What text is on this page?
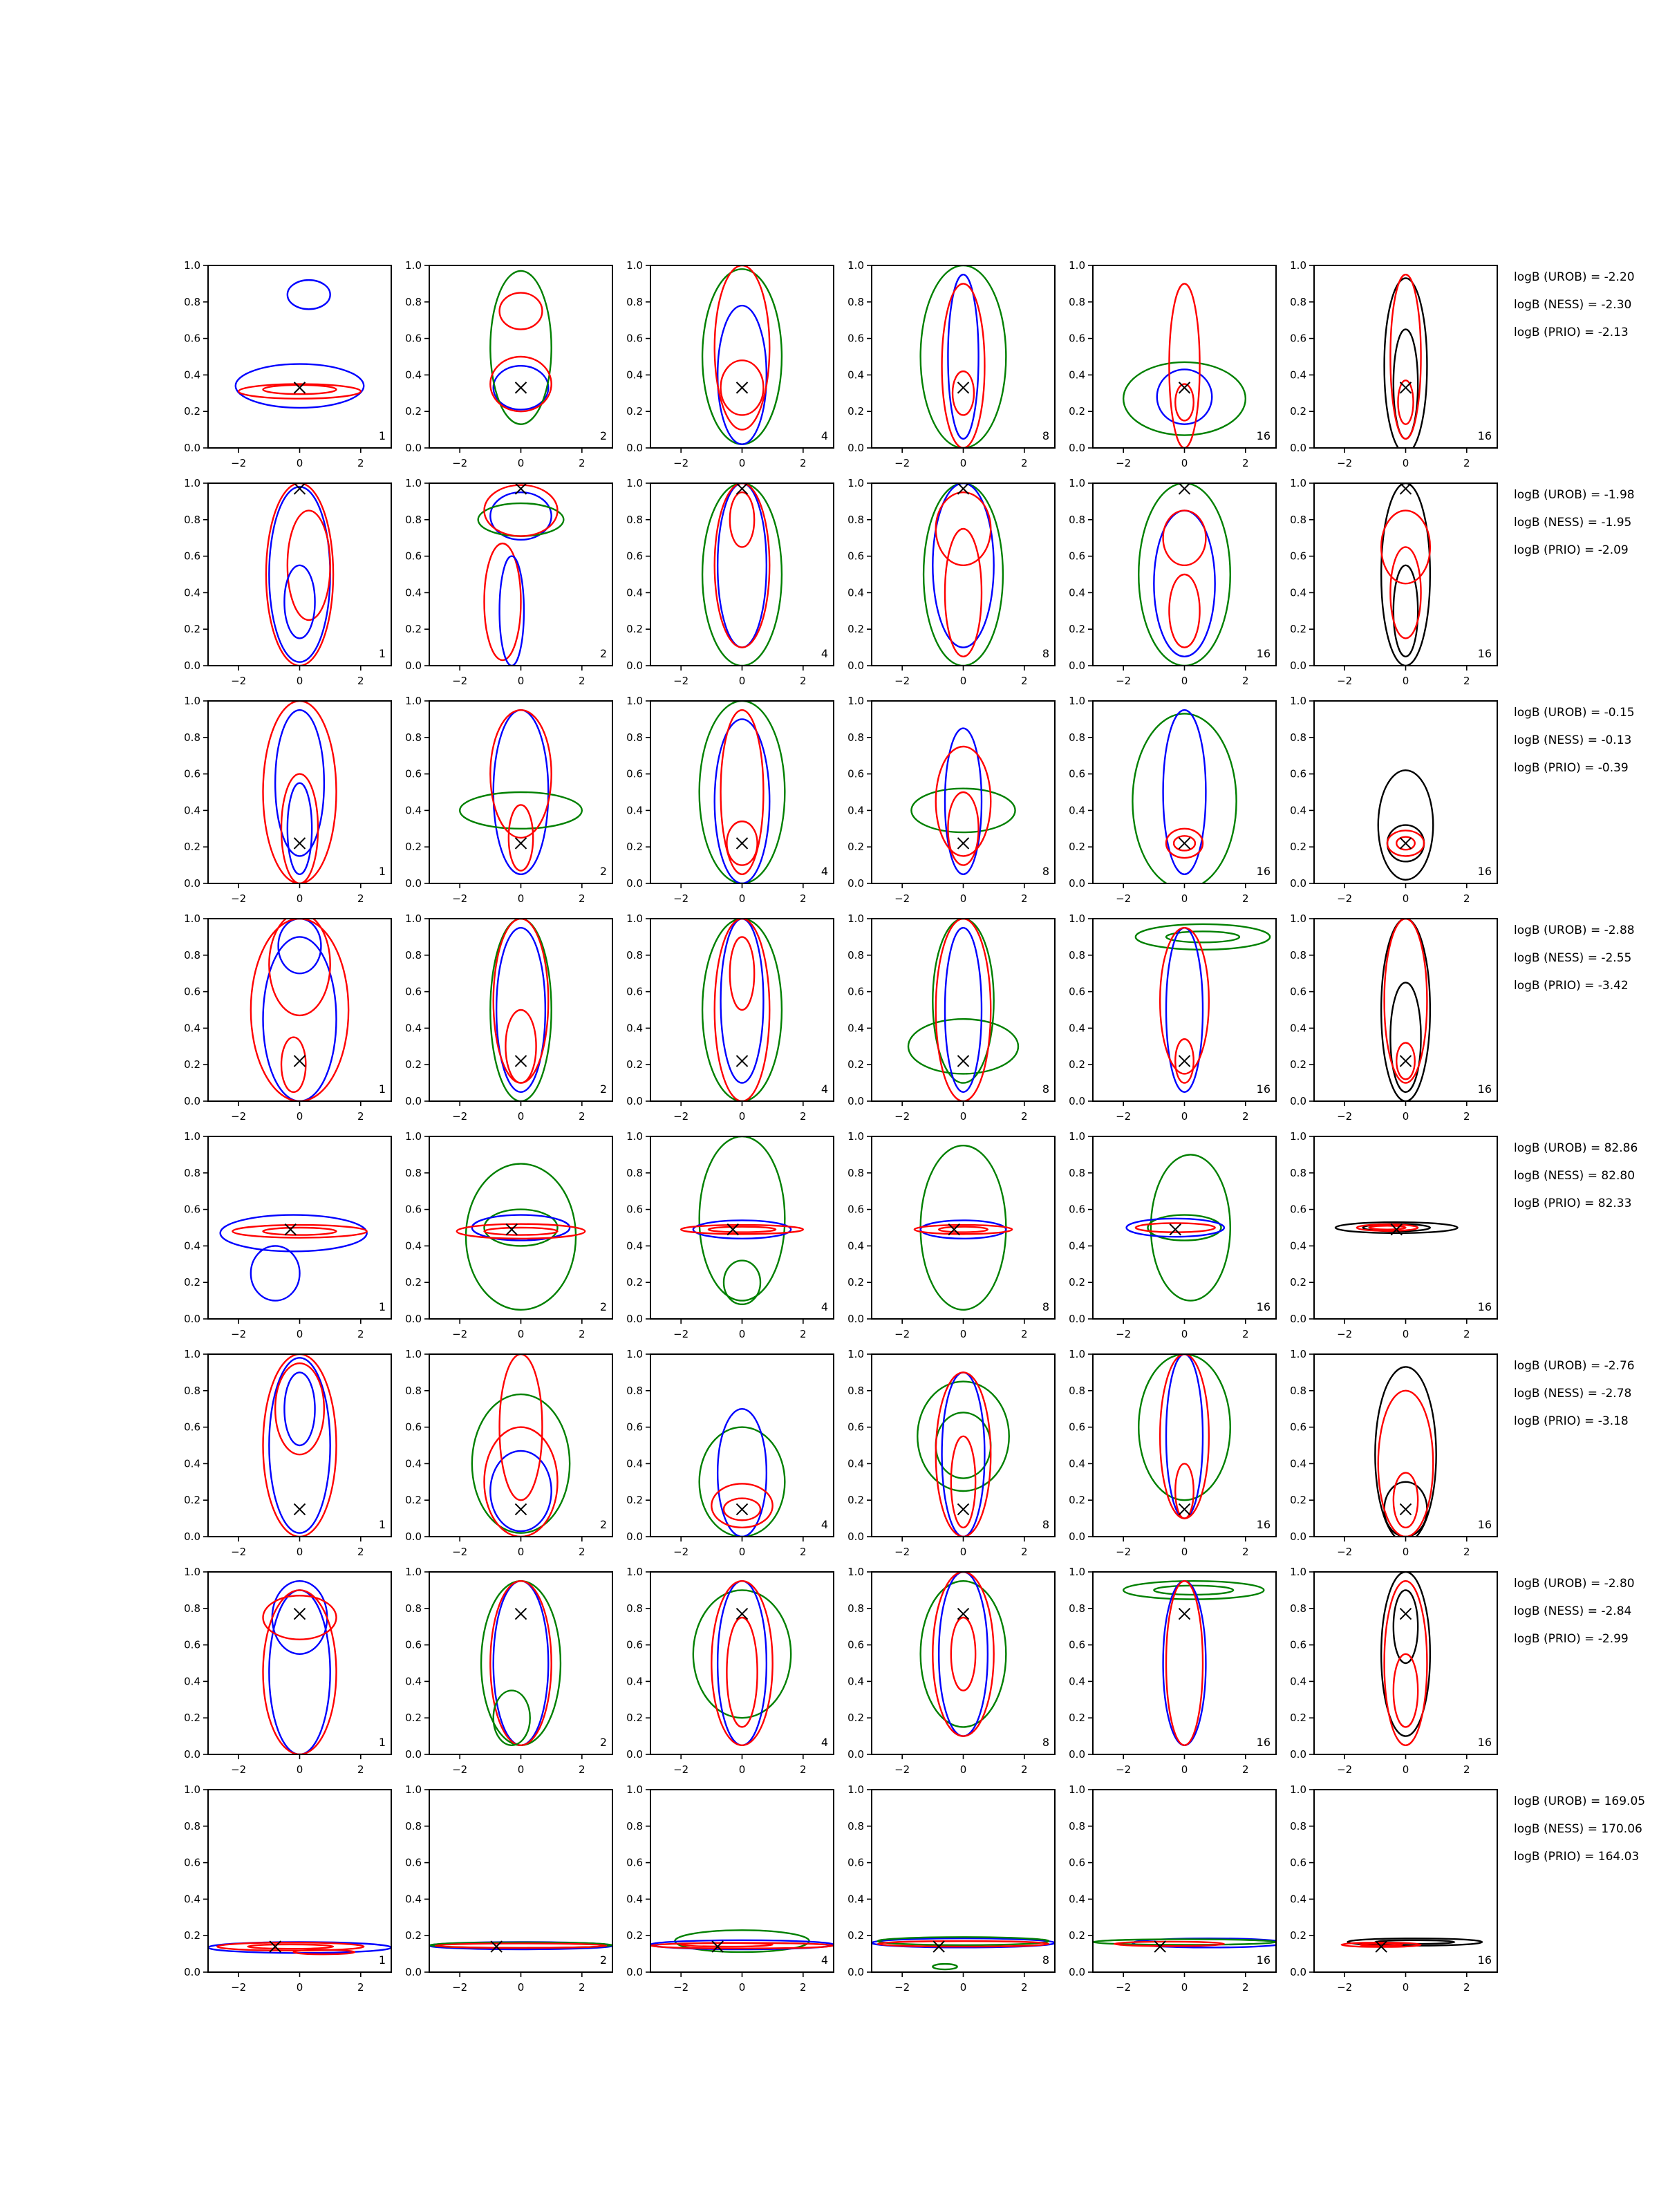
−2	0	2
0.0
0.2
0.4
0.6
0.8
1.0
1
−2	0	2
0.0
0.2
0.4
0.6
0.8
1.0
2
−2	0	2
0.0
0.2
0.4
0.6
0.8
1.0
4
−2	0	2
0.0
0.2
0.4
0.6
0.8
1.0
8
−2	0	2
0.0
0.2
0.4
0.6
0.8
1.0
16
−2	0	2
0.0
0.2
0.4
0.6
0.8
1.0
16
logB (UROB) = -2.20
logB (NESS) = -2.30
logB (PRIO) = -2.13
−2	0	2
0.0
0.2
0.4
0.6
0.8
1.0
1
−2	0	2
0.0
0.2
0.4
0.6
0.8
1.0
2
−2	0	2
0.0
0.2
0.4
0.6
0.8
1.0
4
−2	0	2
0.0
0.2
0.4
0.6
0.8
1.0
8
−2	0	2
0.0
0.2
0.4
0.6
0.8
1.0
16
−2	0	2
0.0
0.2
0.4
0.6
0.8
1.0
16
logB (UROB) = -1.98
logB (NESS) = -1.95
logB (PRIO) = -2.09
−2	0	2
0.0
0.2
0.4
0.6
0.8
1.0
1
−2	0	2
0.0
0.2
0.4
0.6
0.8
1.0
2
−2	0	2
0.0
0.2
0.4
0.6
0.8
1.0
4
−2	0	2
0.0
0.2
0.4
0.6
0.8
1.0
8
−2	0	2
0.0
0.2
0.4
0.6
0.8
1.0
16
−2	0	2
0.0
0.2
0.4
0.6
0.8
1.0
16
logB (UROB) = -0.15
logB (NESS) = -0.13
logB (PRIO) = -0.39
−2	0	2
0.0
0.2
0.4
0.6
0.8
1.0
1
−2	0	2
0.0
0.2
0.4
0.6
0.8
1.0
2
−2	0	2
0.0
0.2
0.4
0.6
0.8
1.0
4
−2	0	2
0.0
0.2
0.4
0.6
0.8
1.0
8
−2	0	2
0.0
0.2
0.4
0.6
0.8
1.0
16
−2	0	2
0.0
0.2
0.4
0.6
0.8
1.0
16
logB (UROB) = -2.88
logB (NESS) = -2.55
logB (PRIO) = -3.42
−2	0	2
0.0
0.2
0.4
0.6
0.8
1.0
1
−2	0	2
0.0
0.2
0.4
0.6
0.8
1.0
2
−2	0	2
0.0
0.2
0.4
0.6
0.8
1.0
4
−2	0	2
0.0
0.2
0.4
0.6
0.8
1.0
8
−2	0	2
0.0
0.2
0.4
0.6
0.8
1.0
16
−2	0	2
0.0
0.2
0.4
0.6
0.8
1.0
16
logB (UROB) = 82.86
logB (NESS) = 82.80
logB (PRIO) = 82.33
−2	0	2
0.0
0.2
0.4
0.6
0.8
1.0
1
−2	0	2
0.0
0.2
0.4
0.6
0.8
1.0
2
−2	0	2
0.0
0.2
0.4
0.6
0.8
1.0
4
−2	0	2
0.0
0.2
0.4
0.6
0.8
1.0
8
−2	0	2
0.0
0.2
0.4
0.6
0.8
1.0
16
−2	0	2
0.0
0.2
0.4
0.6
0.8
1.0
16
logB (UROB) = -2.76
logB (NESS) = -2.78
logB (PRIO) = -3.18
−2	0	2
0.0
0.2
0.4
0.6
0.8
1.0
1
−2	0	2
0.0
0.2
0.4
0.6
0.8
1.0
2
−2	0	2
0.0
0.2
0.4
0.6
0.8
1.0
4
−2	0	2
0.0
0.2
0.4
0.6
0.8
1.0
8
−2	0	2
0.0
0.2
0.4
0.6
0.8
1.0
16
−2	0	2
0.0
0.2
0.4
0.6
0.8
1.0
16
logB (UROB) = -2.80
logB (NESS) = -2.84
logB (PRIO) = -2.99
−2	0	2
0.0
0.2
0.4
0.6
0.8
1.0
1
−2	0	2
0.0
0.2
0.4
0.6
0.8
1.0
2
−2	0	2
0.0
0.2
0.4
0.6
0.8
1.0
4
−2	0	2
0.0
0.2
0.4
0.6
0.8
1.0
8
−2	0	2
0.0
0.2
0.4
0.6
0.8
1.0
16
−2	0	2
0.0
0.2
0.4
0.6
0.8
1.0
16
logB (UROB) = 169.05
logB (NESS) = 170.06
logB (PRIO) = 164.03
